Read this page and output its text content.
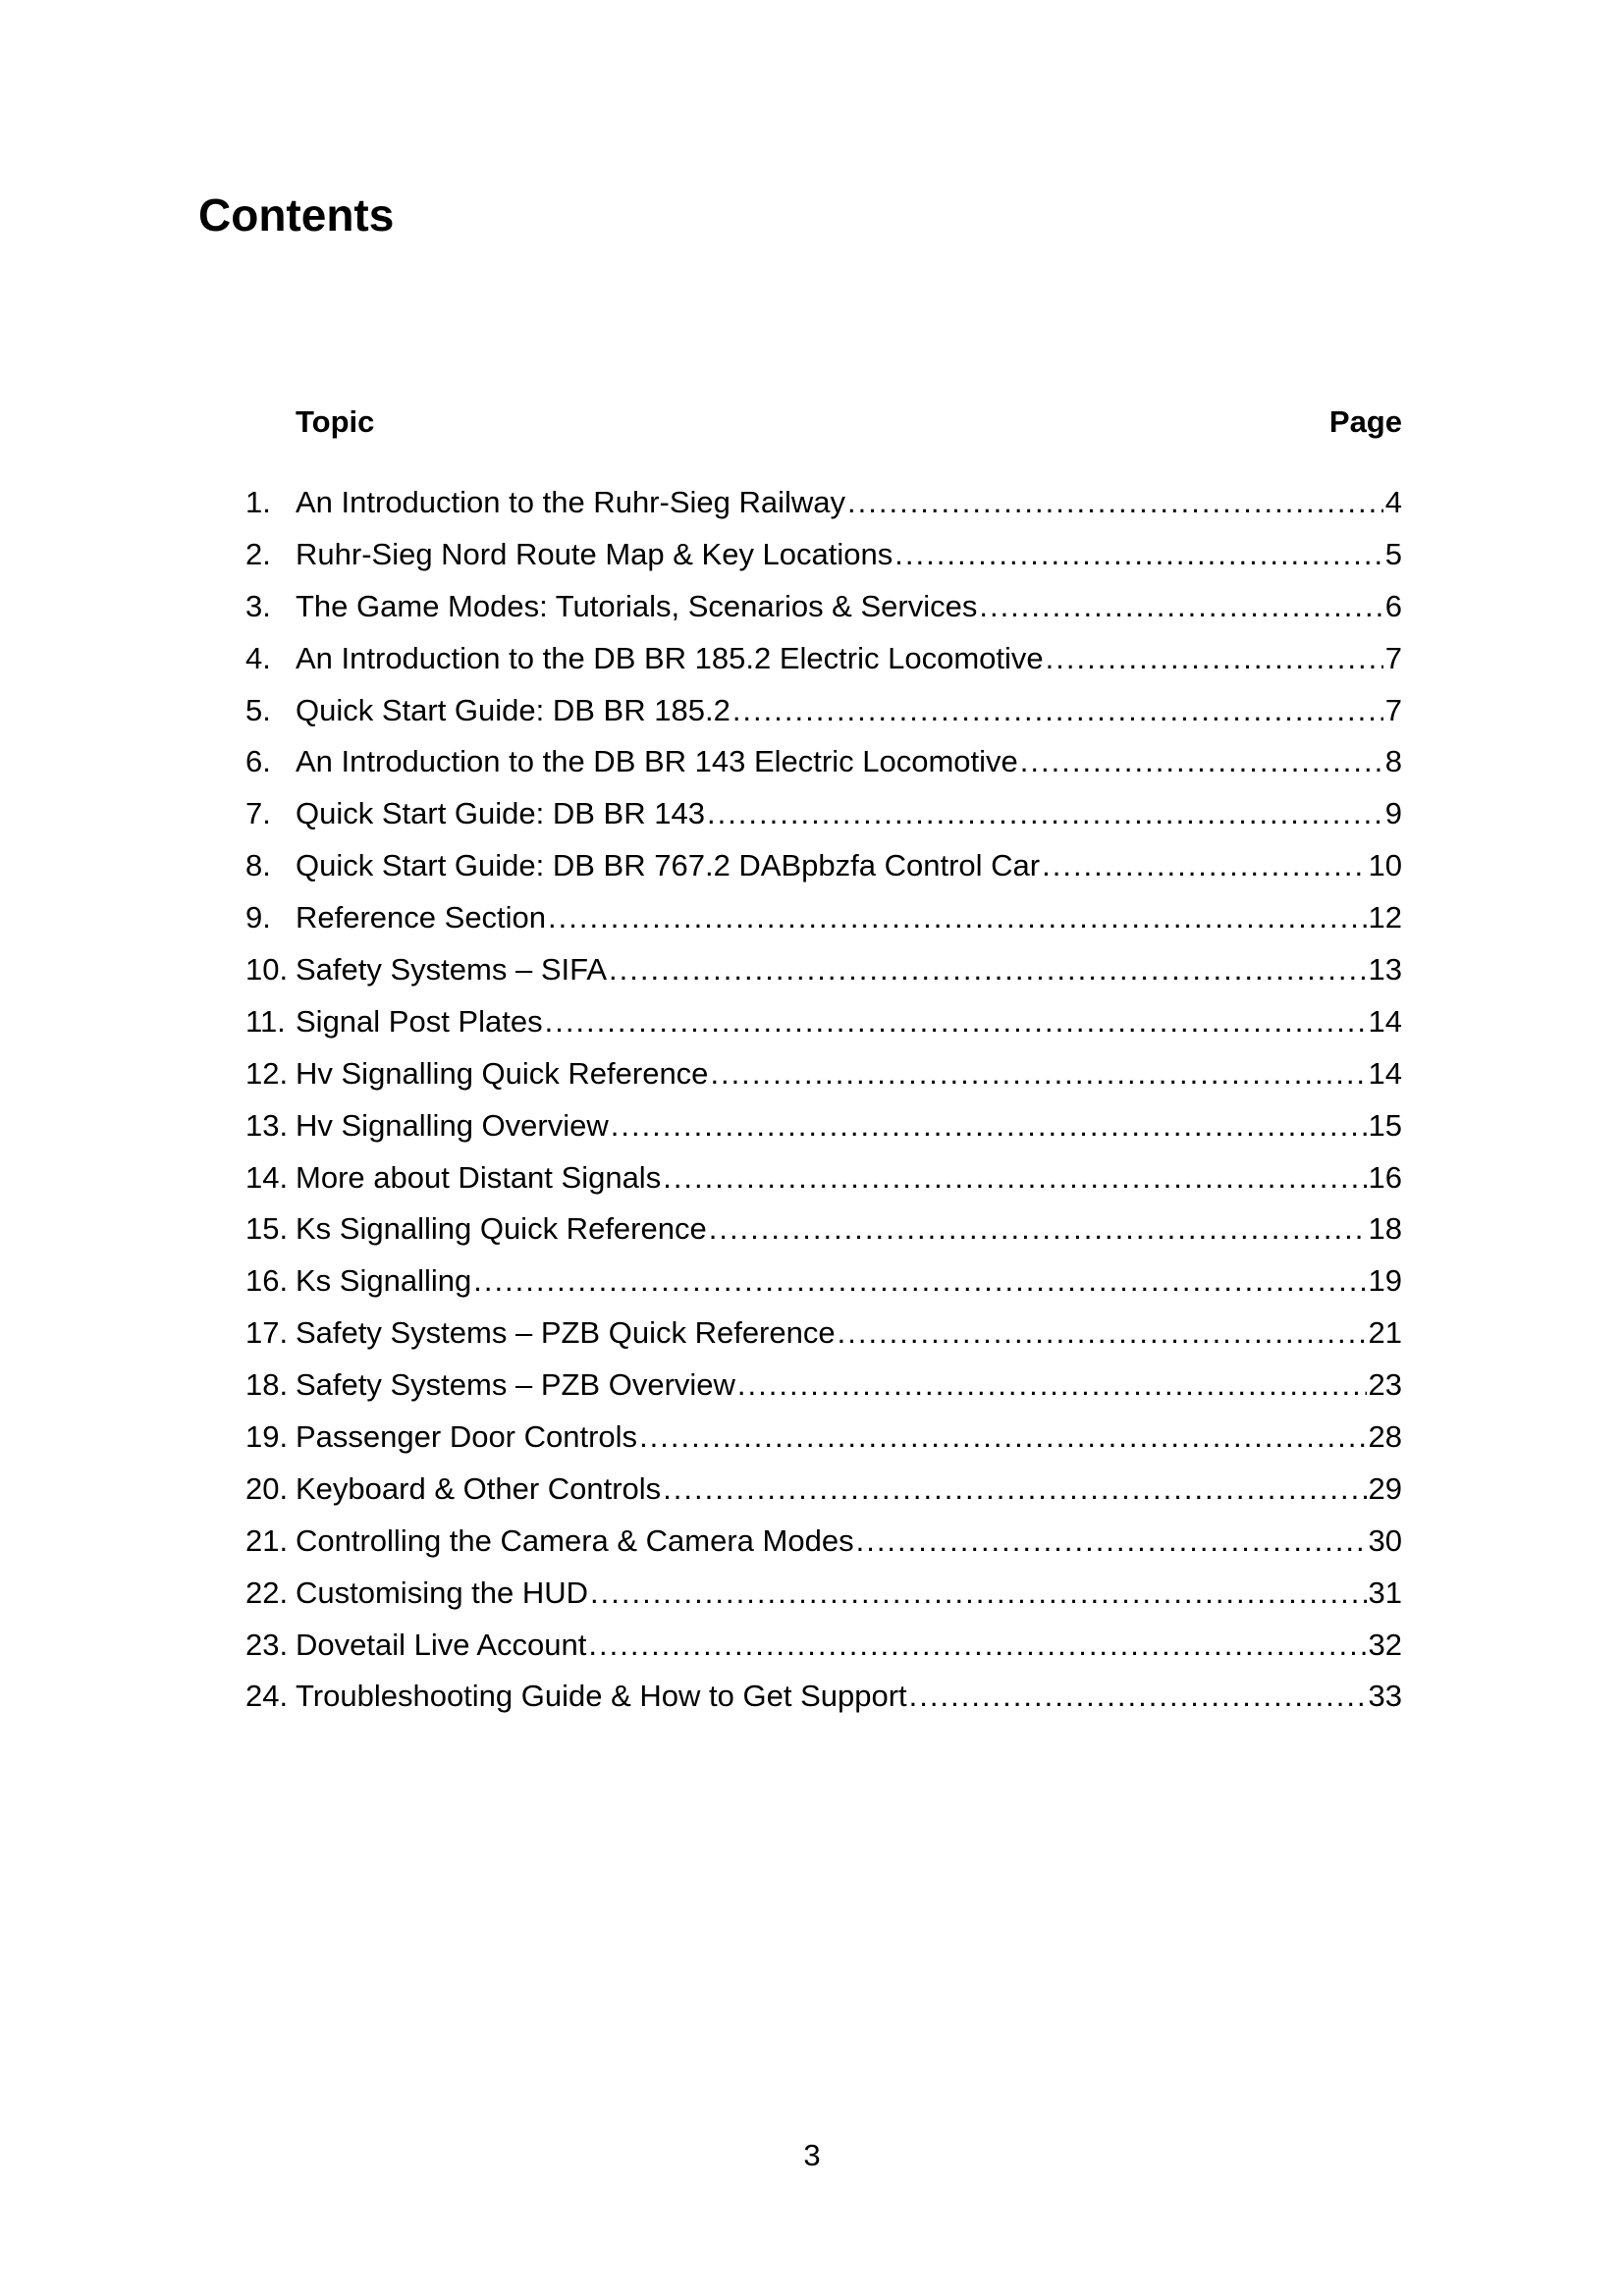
Contents
Topic	Page
1. An Introduction to the Ruhr-Sieg Railway .....	4
2. Ruhr-Sieg Nord Route Map & Key Locations .....	5
3. The Game Modes: Tutorials, Scenarios & Services .....	6
4. An Introduction to the DB BR 185.2 Electric Locomotive .....	7
5. Quick Start Guide: DB BR 185.2 .....	7
6. An Introduction to the DB BR 143 Electric Locomotive .....	8
7. Quick Start Guide: DB BR 143 .....	9
8. Quick Start Guide: DB BR 767.2 DABpbzfa Control Car .....	10
9. Reference Section .....	12
10. Safety Systems – SIFA .....	13
11. Signal Post Plates .....	14
12. Hv Signalling Quick Reference .....	14
13. Hv Signalling Overview .....	15
14. More about Distant Signals .....	16
15. Ks Signalling Quick Reference .....	18
16. Ks Signalling .....	19
17. Safety Systems – PZB Quick Reference .....	21
18. Safety Systems – PZB Overview .....	23
19. Passenger Door Controls .....	28
20. Keyboard & Other Controls .....	29
21. Controlling the Camera & Camera Modes .....	30
22. Customising the HUD .....	31
23. Dovetail Live Account .....	32
24. Troubleshooting Guide & How to Get Support .....	33
3
